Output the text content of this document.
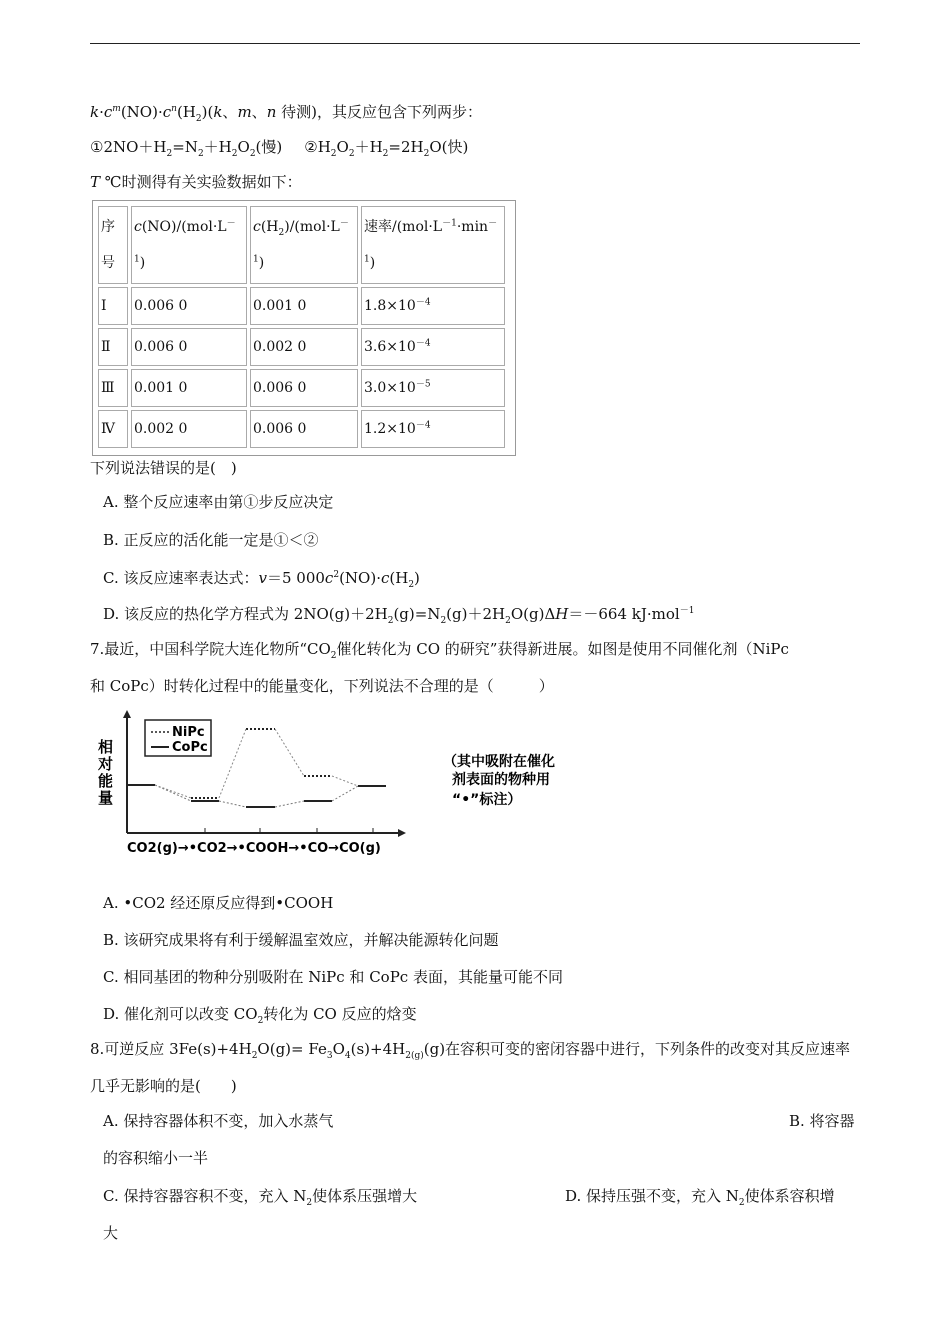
$k\cdot c^m(NO)\cdot c^n(H_2)(k$、m、n 待测)，其反应包含下列两步：
$①2NO+H_2=N_2+H_2O_2$(慢) $②H_2O_2+H_2=2H_2O$(快)
T ℃时测得有关实验数据如下：
序号	$c(NO)/(mol\cdot L^{-1})$	$c(H_2)/(mol\cdot L^{-1})$	速率$/(mol\cdot L^{-1}\cdot\min^{-1})$
Ⅰ	0.006 0	0.001 0	$1.8\times 10^{-4}$
Ⅱ	0.006 0	0.002 0	$3.6\times 10^{-4}$
Ⅲ	0.001 0	0.006 0	$3.0\times 10^{-5}$
Ⅳ	0.002 0	0.006 0	$1.2\times 10^{-4}$
下列说法错误的是(　)
A. 整个反应速率由第①步反应决定
B. 正反应的活化能一定是①＜②
C. 该反应速率表达式：v＝5 $000c^2(NO)\cdot c(H_2)$
D. 该反应的热化学方程式为 $2NO(g)+2H_2(g)=N_2(g)+2H_2O(g)\Delta H=-664$ kJ·mol$^{-1}$
7.最近，中国科学院大连化物所“$CO_2$催化转化为 CO 的研究”获得新进展。如图是使用不同催化剂（NiPc
和 CoPc）时转化过程中的能量变化，下列说法不合理的是（　　　）
相
对
能
量
NiPc
CoPc
CO2(g)→•CO2→•COOH→•CO→CO(g)
（其中吸附在催化
剂表面的物种用
“•”标注）
A. •CO2 经还原反应得到•COOH
B. 该研究成果将有利于缓解温室效应，并解决能源转化问题
C. 相同基团的物种分别吸附在 NiPc 和 CoPc 表面，其能量可能不同
D. 催化剂可以改变 $CO_2$转化为 CO 反应的焓变
8.可逆反应 $3Fe(s)+4H_2O(g)= Fe_3O_4(s)+4H_{2(g)}(g)$在容积可变的密闭容器中进行，下列条件的改变对其反应速率
几乎无影响的是(　　)
A. 保持容器体积不变，加入水蒸气	B. 将容器
的容积缩小一半
C. 保持容器容积不变，充入 $N_2$使体系压强增大	D. 保持压强不变，充入 $N_2$使体系容积增
大
